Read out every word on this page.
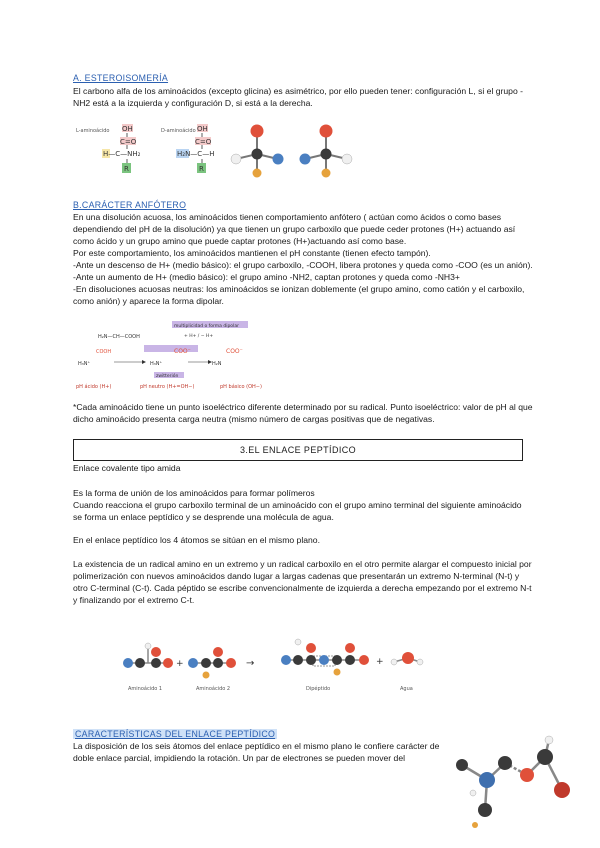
A. ESTEROISOMERÍA

El carbono alfa de los aminoácidos (excepto glicina) es asimétrico, por ello pueden tener: configuración L, si el grupo -NH2 está a la izquierda y configuración D, si está a la derecha.

L-aminoácido OH
C=O
H—C—NH₂
R
D-aminoácido OH
C=O
H₂N—C—H
R

B.CARÁCTER ANFÓTERO

En una disolución acuosa, los aminoácidos tienen comportamiento anfótero ( actúan como ácidos o como bases dependiendo del pH de la disolución) ya que tienen un grupo carboxilo que puede ceder protones (H+) actuando así como ácido y un grupo amino que puede captar protones (H+)actuando así como base.

Por este comportamiento, los aminoácidos mantienen el pH constante (tienen efecto tampón).

-Ante un descenso de H+ (medio básico): el grupo carboxilo, -COOH, libera protones y queda como -COO (es un anión).

-Ante un aumento de H+ (medio básico): el grupo amino -NH2, captan protones y queda como -NH3+

-En disoluciones acuosas neutras: los aminoácidos se ionizan doblemente (el grupo amino, como catión y el carboxilo, como anión) y aparece la forma dipolar.

multiplicidad o forma dipolar
H₂N—CH—COOH	+ H+ / − H+
COOH	COO⁻	COO⁻
H₃N⁺	H₃N⁺	H₂N
zwitterión
pH ácido (H+)	pH neutro (H+=OH−)	pH básico (OH−)

*Cada aminoácido tiene un punto isoeléctrico diferente determinado por su radical. Punto isoeléctrico: valor de pH al que dicho aminoácido presenta carga neutra (mismo número de cargas positivas que de negativas.

3.EL ENLACE PEPTÍDICO

Enlace covalente tipo amida

Es la forma de unión de los aminoácidos para formar polímeros

Cuando reacciona el grupo carboxilo terminal de un aminoácido con el grupo amino terminal del siguiente aminoácido se forma un enlace peptídico y se desprende una molécula de agua.

En el enlace peptídico los 4 átomos se sitúan en el mismo plano.

La existencia de un radical amino en un extremo y un radical carboxilo en el otro permite alargar el compuesto inicial por polimerización con nuevos aminoácidos dando lugar a largas cadenas que presentarán un extremo N-terminal (N-t) y otro C-terminal (C-t). Cada péptido se escribe convencionalmente de izquierda a derecha empezando por el extremo N-t y finalizando por el extremo C-t.

+	→	+
Aminoácido 1	Aminoácido 2	Dipéptido	Agua

CARACTERÍSTICAS DEL ENLACE PEPTÍDICO

La disposición de los seis átomos del enlace peptídico en el mismo plano le confiere carácter de doble enlace parcial, impidiendo la rotación. Un par de electrones se pueden mover del
